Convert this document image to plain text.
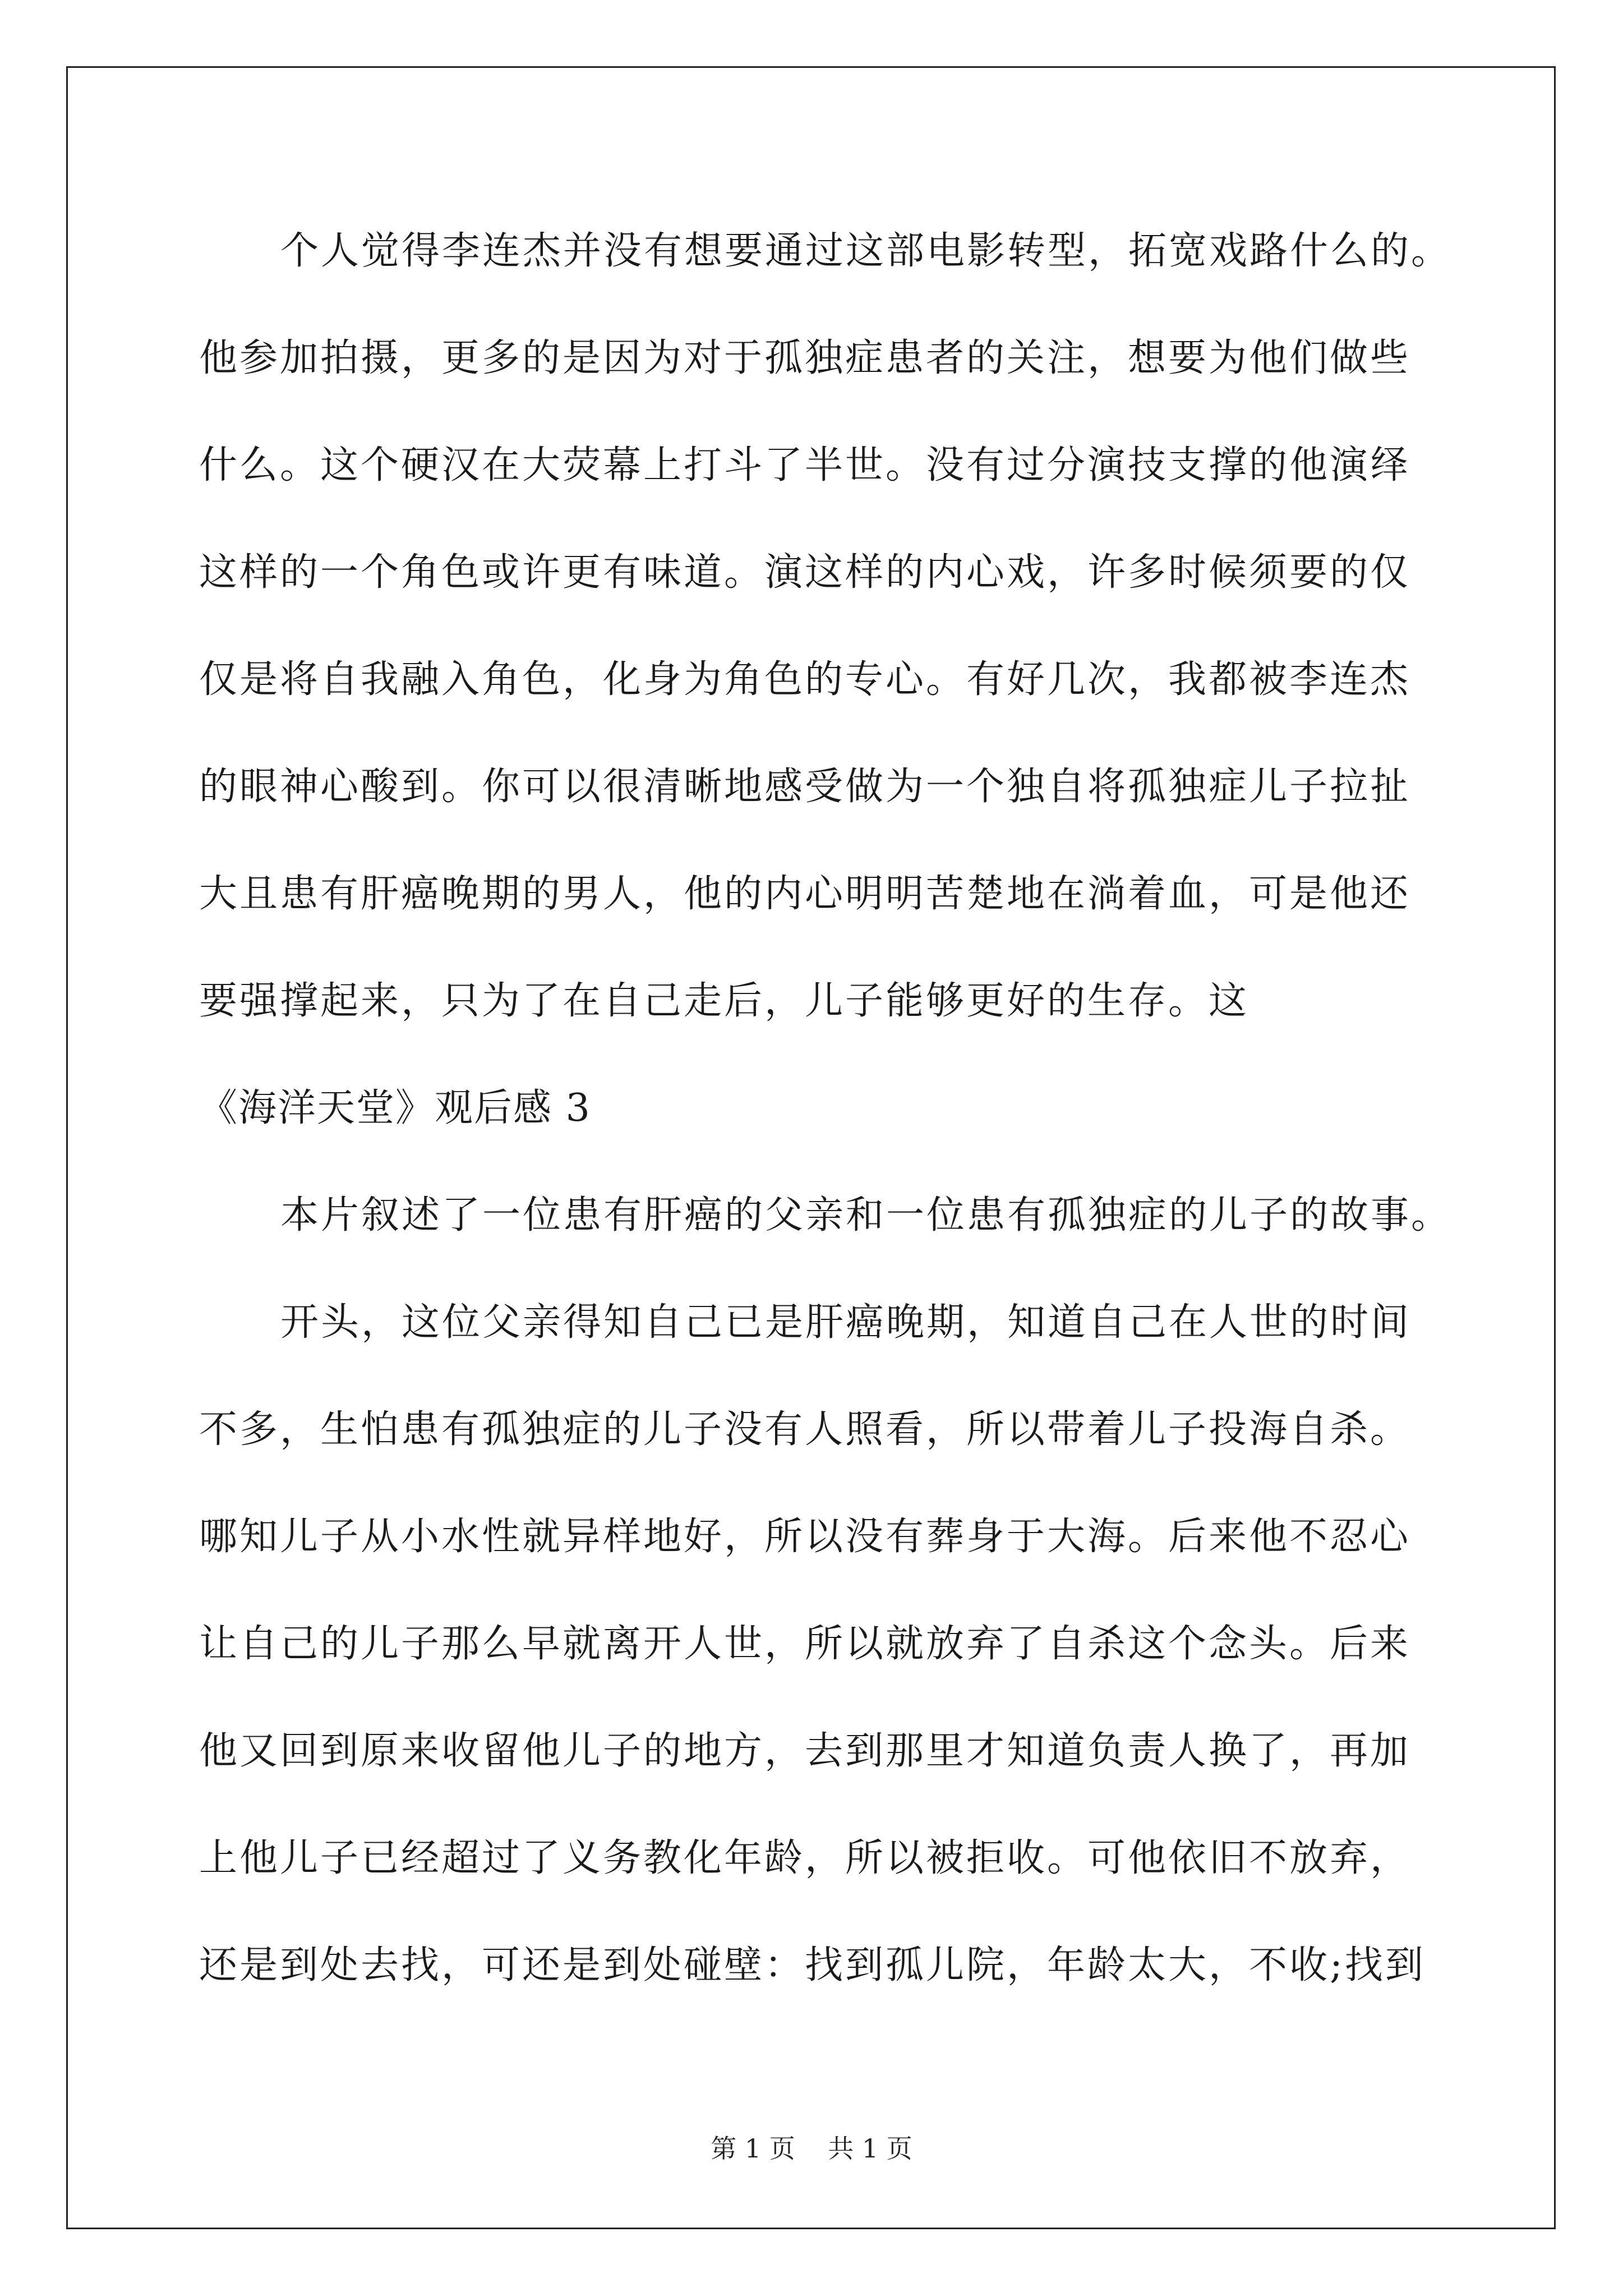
个人觉得李连杰并没有想要通过这部电影转型，拓宽戏路什么的。
他参加拍摄，更多的是因为对于孤独症患者的关注，想要为他们做些
什么。这个硬汉在大荧幕上打斗了半世。没有过分演技支撑的他演绎
这样的一个角色或许更有味道。演这样的内心戏，许多时候须要的仅
仅是将自我融入角色，化身为角色的专心。有好几次，我都被李连杰
的眼神心酸到。你可以很清晰地感受做为一个独自将孤独症儿子拉扯
大且患有肝癌晚期的男人，他的内心明明苦楚地在淌着血，可是他还
要强撑起来，只为了在自己走后，儿子能够更好的生存。这
《海洋天堂》观后感 3
本片叙述了一位患有肝癌的父亲和一位患有孤独症的儿子的故事。
开头，这位父亲得知自己已是肝癌晚期，知道自己在人世的时间
不多，生怕患有孤独症的儿子没有人照看，所以带着儿子投海自杀。
哪知儿子从小水性就异样地好，所以没有葬身于大海。后来他不忍心
让自己的儿子那么早就离开人世，所以就放弃了自杀这个念头。后来
他又回到原来收留他儿子的地方，去到那里才知道负责人换了，再加
上他儿子已经超过了义务教化年龄，所以被拒收。可他依旧不放弃，
还是到处去找，可还是到处碰壁：找到孤儿院，年龄太大，不收;找到
第 1 页 共 1 页
